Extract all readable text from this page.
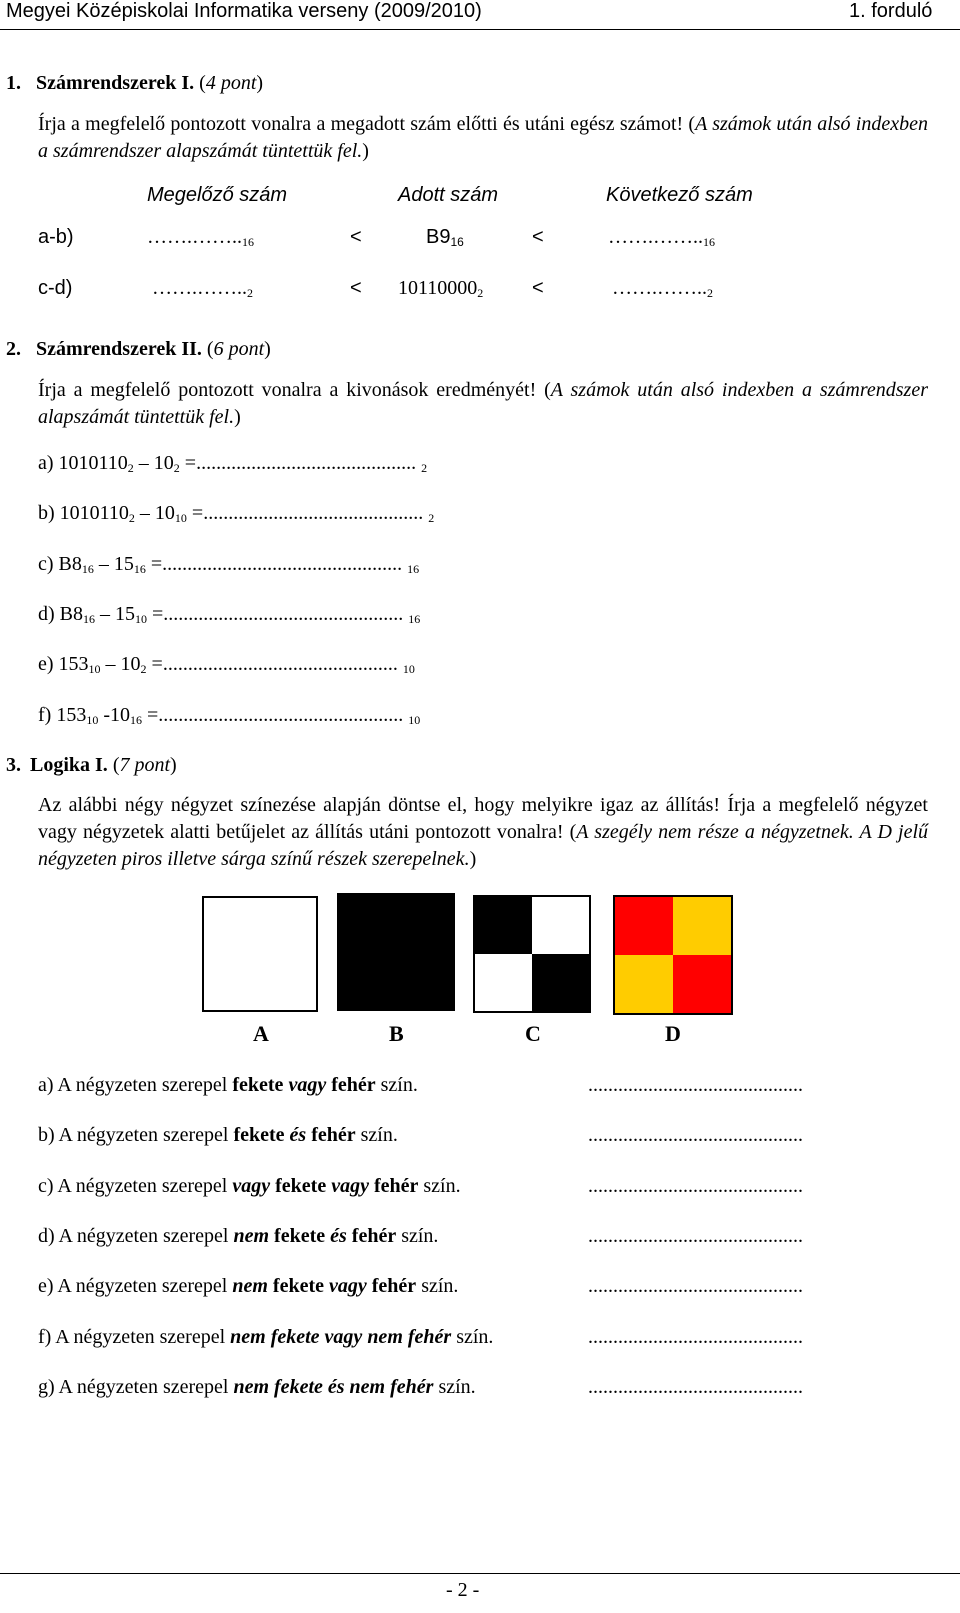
Megyei Középiskolai Informatika verseny (2009/2010)	1. forduló
1. Számrendszerek I. (4 pont)
Írja a megfelelő pontozott vonalra a megadott szám előtti és utáni egész számot! (A számok után alsó indexben a számrendszer alapszámát tüntettük fel.)
Megelőző szám	Adott szám	Következő szám
a-b)	$\dots\dots.\dots\dots.._{16}$	<	$B9_{16}$	<	$\dots\dots.\dots\dots.._{16}$
c-d)	$\dots\dots.\dots\dots.._2$	< $10110000_2$ <	$\dots\dots.\dots\dots.._2$
2. Számrendszerek II. (6 pont)
Írja a megfelelő pontozott vonalra a kivonások eredményét! (A számok után alsó indexben a számrendszer alapszámát tüntettük fel.)
a) $1010110_2 - 10_2$ =............................................ $_2$
b) $1010110_2 - 10_{10}$ =............................................ $_2$
c) $B8_{16} - 15_{16}$ =................................................ $_{16}$
d) $B8_{16} - 15_{10}$ =................................................ $_{16}$
e) $153_{10} - 10_2$ =............................................... $_{10}$
f) $153_{10}$ $-10_{16}$ =................................................. $_{10}$
3. Logika I. (7 pont)
Az alábbi négy négyzet színezése alapján döntse el, hogy melyikre igaz az állítás! Írja a megfelelő négyzet vagy négyzetek alatti betűjelet az állítás utáni pontozott vonalra! (A szegély nem része a négyzetnek. A D jelű négyzeten piros illetve sárga színű részek szerepelnek.)
A	B	C	D
a) A négyzeten szerepel fekete vagy fehér szín.	...........................................
b) A négyzeten szerepel fekete és fehér szín.	...........................................
c) A négyzeten szerepel vagy fekete vagy fehér szín.	...........................................
d) A négyzeten szerepel nem fekete és fehér szín.	...........................................
e) A négyzeten szerepel nem fekete vagy fehér szín.	...........................................
f) A négyzeten szerepel nem fekete vagy nem fehér szín.	...........................................
g) A négyzeten szerepel nem fekete és nem fehér szín.	...........................................
- 2 -
